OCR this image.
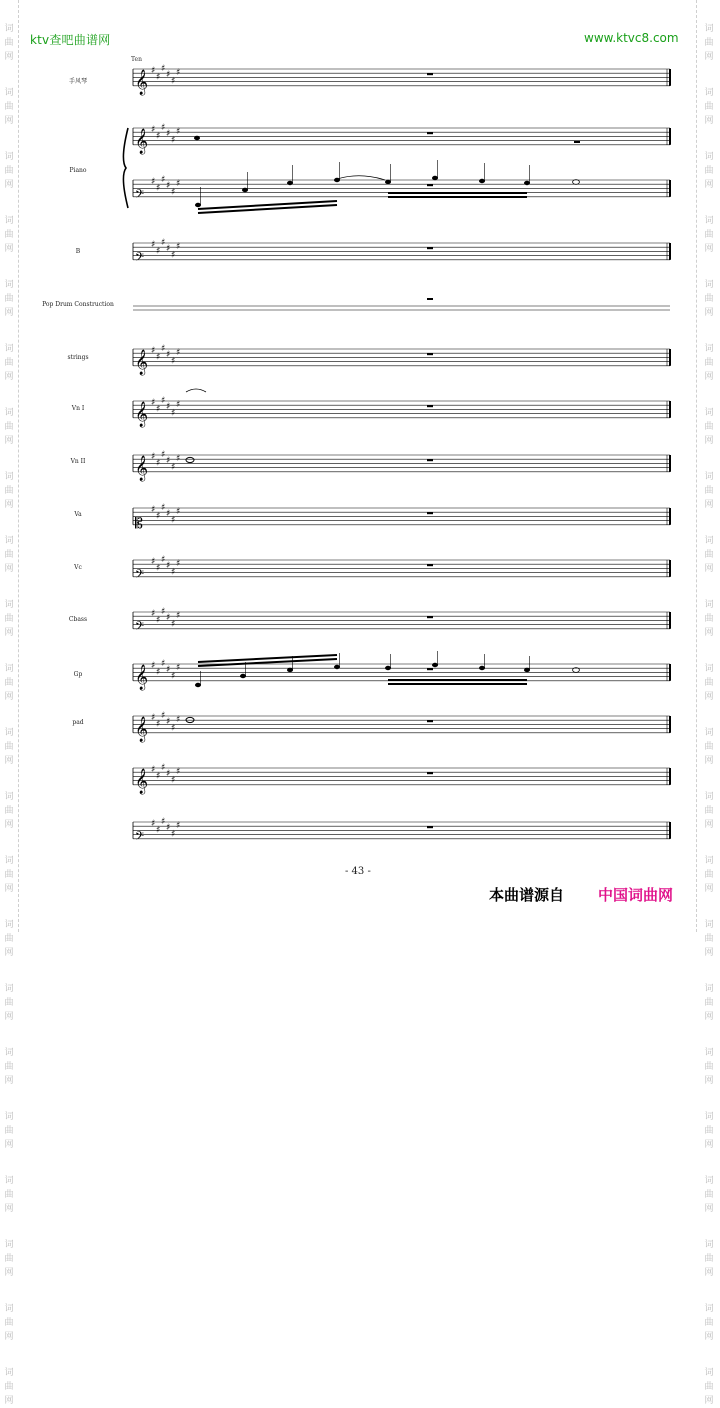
词
曲
网
词
曲
网
词
曲
网
词
曲
网
词
曲
网
词
曲
网
词
曲
网
词
曲
网
词
曲
网
词
曲
网
词
曲
网
词
曲
网
词
曲
网
词
曲
网
词
曲
网
词
曲
网
词
曲
网
词
曲
网
词
曲
网
词
曲
网
词
曲
网
词
曲
网
词
曲
网
词
曲
网
词
曲
网
词
曲
网
词
曲
网
词
曲
网
词
曲
网
词
曲
网
词
曲
网
词
曲
网
词
曲
网
词
曲
网
词
曲
网
词
曲
网
词
曲
网
词
曲
网
词
曲
网
词
曲
网
词
曲
网
词
曲
网
词
曲
网
词
曲
网
ktv查吧曲谱网	www.ktvc8.com
Ten
手风琴
Piano
B
Pop Drum Construction
strings
Vn I
Vn II
Va
Vc
Cbass
Gp
pad
𝄞 ♯
♯
♯
♯
♯
♯
𝄞 ♯
♯
♯
♯
♯
♯
𝄢
♯
♯
♯
♯
♯
♯
𝄢
♯
♯
♯
♯
♯
♯
𝄞 ♯
♯
♯
♯
♯
♯
𝄞 ♯
♯
♯
♯
♯
♯
𝄞 ♯
♯
♯
♯
♯
♯
𝄡
♯
♯
♯
♯
♯
♯
𝄢
♯
♯
♯
♯
♯
♯
𝄢
♯
♯
♯
♯
♯
♯
𝄞 ♯
♯
♯
♯
♯
♯
𝄞 ♯
♯
♯
♯
♯
♯
𝄞 ♯
♯
♯
♯
♯
♯
𝄢
♯
♯
♯
♯
♯
♯
- 43 -
本曲谱源自 中国词曲网
